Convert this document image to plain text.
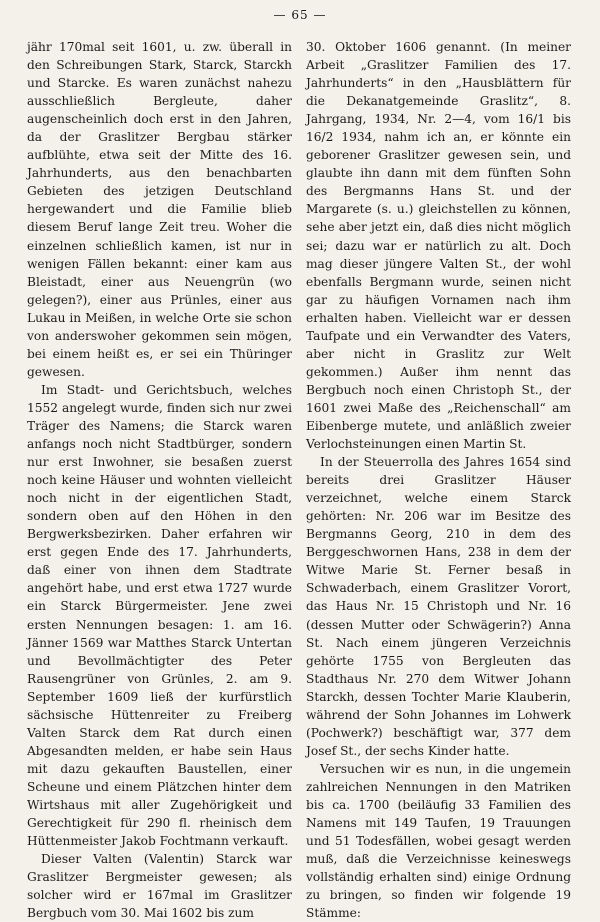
— 65 —

jähr 170mal seit 1601, u. zw. überall in den Schreibungen Stark, Starck, Starckh und Starcke. Es waren zunächst nahezu ausschließlich Bergleute, daher augenscheinlich doch erst in den Jahren, da der Graslitzer Bergbau stärker aufblühte, etwa seit der Mitte des 16. Jahrhunderts, aus den benachbarten Gebieten des jetzigen Deutschland hergewandert und die Familie blieb diesem Beruf lange Zeit treu. Woher die einzelnen schließlich kamen, ist nur in wenigen Fällen bekannt: einer kam aus Bleistadt, einer aus Neuengrün (wo gelegen?), einer aus Prünles, einer aus Lukau in Meißen, in welche Orte sie schon von anderswoher gekommen sein mögen, bei einem heißt es, er sei ein Thüringer gewesen.

Im Stadt- und Gerichtsbuch, welches 1552 angelegt wurde, finden sich nur zwei Träger des Namens; die Starck waren anfangs noch nicht Stadtbürger, sondern nur erst Inwohner, sie besaßen zuerst noch keine Häuser und wohnten vielleicht noch nicht in der eigentlichen Stadt, sondern oben auf den Höhen in den Bergwerksbezirken. Daher erfahren wir erst gegen Ende des 17. Jahrhunderts, daß einer von ihnen dem Stadtrate angehört habe, und erst etwa 1727 wurde ein Starck Bürgermeister. Jene zwei ersten Nennungen besagen: 1. am 16. Jänner 1569 war Matthes Starck Untertan und Bevollmächtigter des Peter Rausengrüner von Grünles, 2. am 9. September 1609 ließ der kurfürstlich sächsische Hüttenreiter zu Freiberg Valten Starck dem Rat durch einen Abgesandten melden, er habe sein Haus mit dazu gekauften Baustellen, einer Scheune und einem Plätzchen hinter dem Wirtshaus mit aller Zugehörigkeit und Gerechtigkeit für 290 fl. rheinisch dem Hüttenmeister Jakob Fochtmann verkauft.

Dieser Valten (Valentin) Starck war Graslitzer Bergmeister gewesen; als solcher wird er 167mal im Graslitzer Bergbuch vom 30. Mai 1602 bis zum

30. Oktober 1606 genannt. (In meiner Arbeit „Graslitzer Familien des 17. Jahrhunderts“ in den „Hausblättern für die Dekanatgemeinde Graslitz“, 8. Jahrgang, 1934, Nr. 2—4, vom 16/1 bis 16/2 1934, nahm ich an, er könnte ein geborener Graslitzer gewesen sein, und glaubte ihn dann mit dem fünften Sohn des Bergmanns Hans St. und der Margarete (s. u.) gleichstellen zu können, sehe aber jetzt ein, daß dies nicht möglich sei; dazu war er natürlich zu alt. Doch mag dieser jüngere Valten St., der wohl ebenfalls Bergmann wurde, seinen nicht gar zu häufigen Vornamen nach ihm erhalten haben. Vielleicht war er dessen Taufpate und ein Verwandter des Vaters, aber nicht in Graslitz zur Welt gekommen.) Außer ihm nennt das Bergbuch noch einen Christoph St., der 1601 zwei Maße des „Reichenschall“ am Eibenberge mutete, und anläßlich zweier Verlochsteinungen einen Martin St.

In der Steuerrolla des Jahres 1654 sind bereits drei Graslitzer Häuser verzeichnet, welche einem Starck gehörten: Nr. 206 war im Besitze des Bergmanns Georg, 210 in dem des Berggeschwornen Hans, 238 in dem der Witwe Marie St. Ferner besaß in Schwaderbach, einem Graslitzer Vorort, das Haus Nr. 15 Christoph und Nr. 16 (dessen Mutter oder Schwägerin?) Anna St. Nach einem jüngeren Verzeichnis gehörte 1755 von Bergleuten das Stadthaus Nr. 270 dem Witwer Johann Starckh, dessen Tochter Marie Klauberin, während der Sohn Johannes im Lohwerk (Pochwerk?) beschäftigt war, 377 dem Josef St., der sechs Kinder hatte.

Versuchen wir es nun, in die ungemein zahlreichen Nennungen in den Matriken bis ca. 1700 (beiläufig 33 Familien des Namens mit 149 Taufen, 19 Trauungen und 51 Todesfällen, wobei gesagt werden muß, daß die Verzeichnisse keineswegs vollständig erhalten sind) einige Ordnung zu bringen, so finden wir folgende 19 Stämme:
